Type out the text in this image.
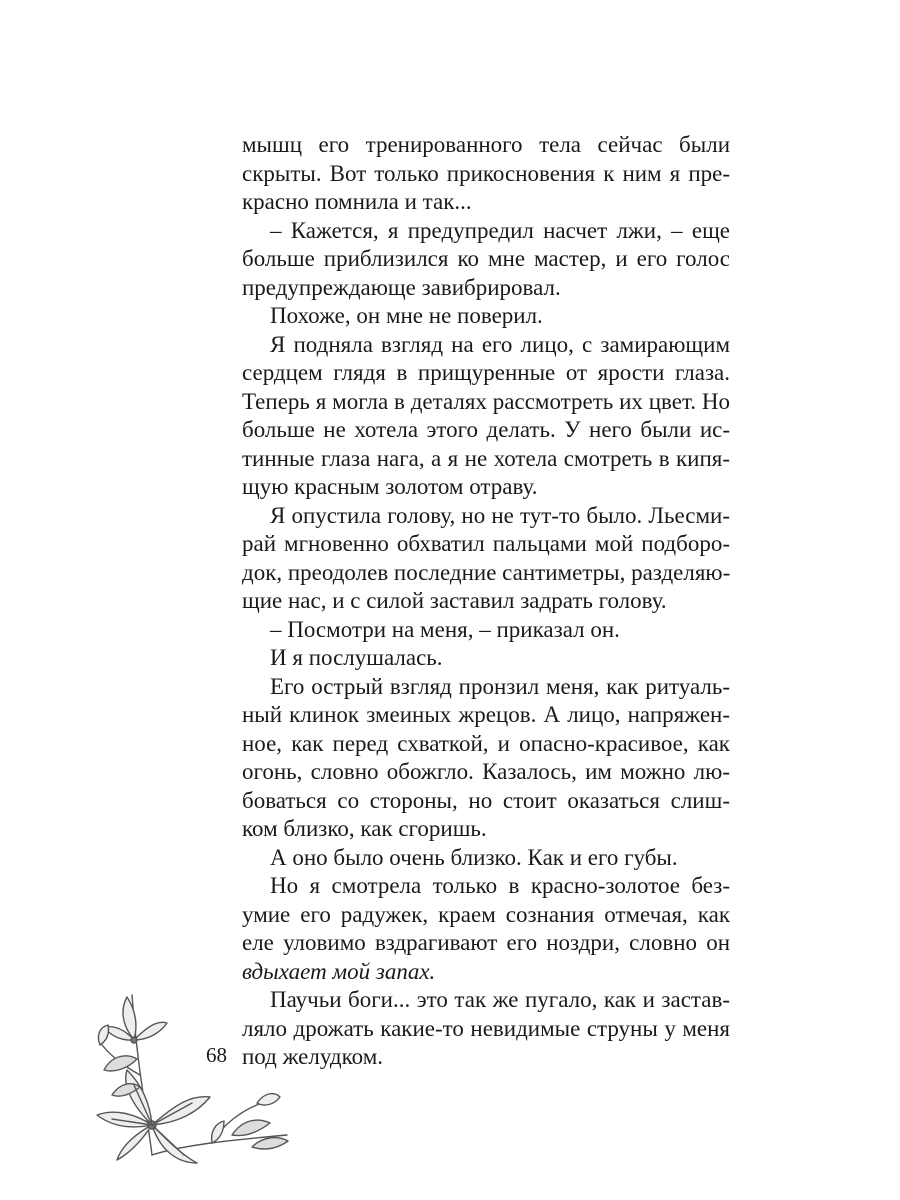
мышц его тренированного тела сейчас были
скрыты. Вот только прикосновения к ним я пре-
красно помнила и так...
– Кажется, я предупредил насчет лжи, – еще
больше приблизился ко мне мастер, и его голос
предупреждающе завибрировал.
Похоже, он мне не поверил.
Я подняла взгляд на его лицо, с замирающим
сердцем глядя в прищуренные от ярости глаза.
Теперь я могла в деталях рассмотреть их цвет. Но
больше не хотела этого делать. У него были ис-
тинные глаза нага, а я не хотела смотреть в кипя-
щую красным золотом отраву.
Я опустила голову, но не тут-то было. Льесми-
рай мгновенно обхватил пальцами мой подборо-
док, преодолев последние сантиметры, разделяю-
щие нас, и с силой заставил задрать голову.
– Посмотри на меня, – приказал он.
И я послушалась.
Его острый взгляд пронзил меня, как ритуаль-
ный клинок змеиных жрецов. А лицо, напряжен-
ное, как перед схваткой, и опасно-красивое, как
огонь, словно обожгло. Казалось, им можно лю-
боваться со стороны, но стоит оказаться слиш-
ком близко, как сгоришь.
А оно было очень близко. Как и его губы.
Но я смотрела только в красно-золотое без-
умие его радужек, краем сознания отмечая, как
еле уловимо вздрагивают его ноздри, словно он
вдыхает мой запах.
Паучьи боги... это так же пугало, как и застав-
ляло дрожать какие-то невидимые струны у меня
под желудком.
68
